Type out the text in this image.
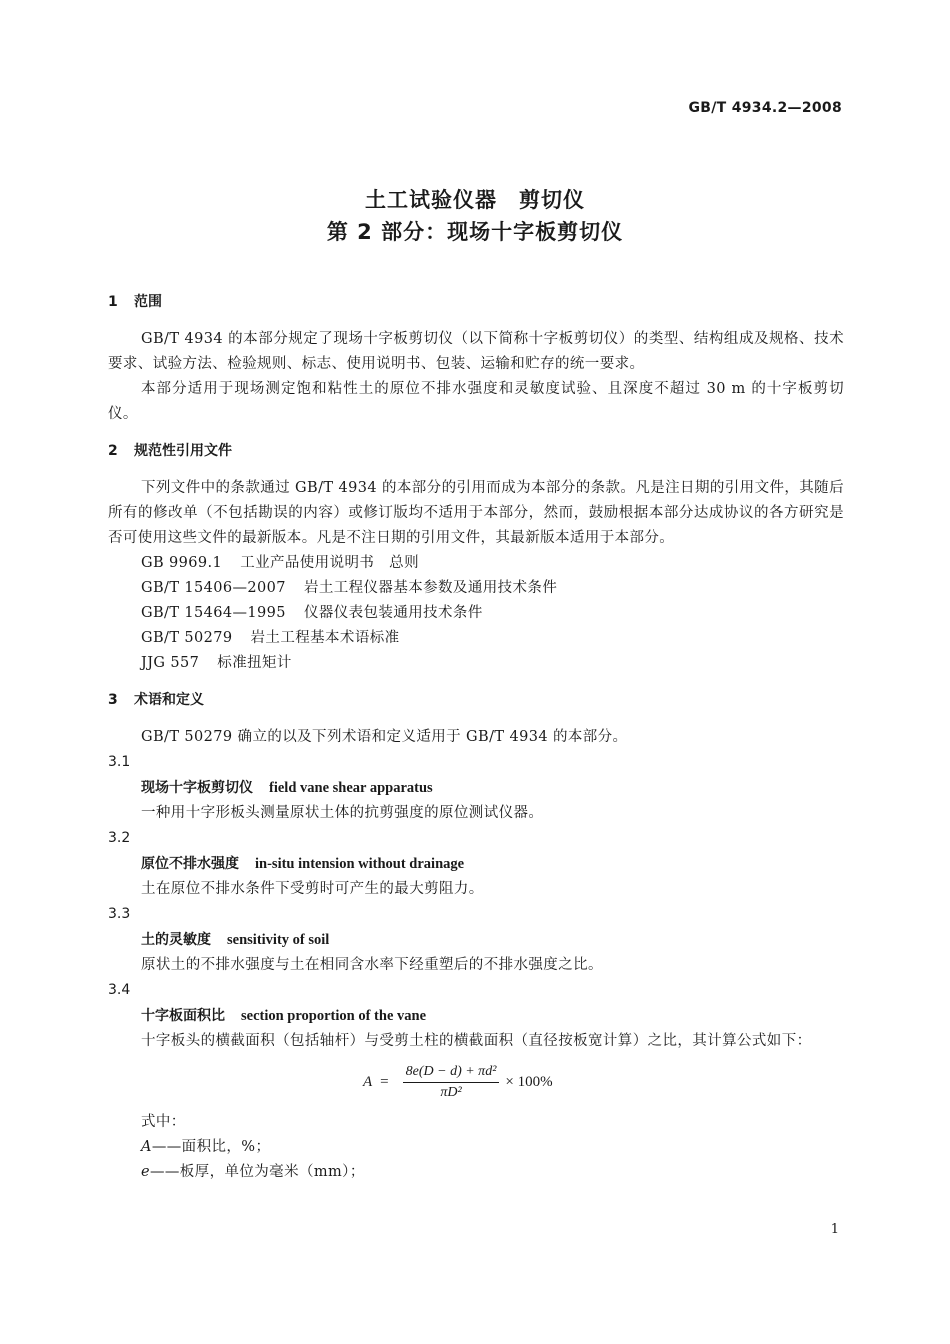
GB/T 4934.2—2008
土工试验仪器　剪切仪
第 2 部分：现场十字板剪切仪
1 范围

GB/T 4934 的本部分规定了现场十字板剪切仪（以下简称十字板剪切仪）的类型、结构组成及规格、技术要求、试验方法、检验规则、标志、使用说明书、包装、运输和贮存的统一要求。

本部分适用于现场测定饱和粘性土的原位不排水强度和灵敏度试验、且深度不超过 30 m 的十字板剪切仪。

2 规范性引用文件

下列文件中的条款通过 GB/T 4934 的本部分的引用而成为本部分的条款。凡是注日期的引用文件，其随后所有的修改单（不包括勘误的内容）或修订版均不适用于本部分，然而，鼓励根据本部分达成协议的各方研究是否可使用这些文件的最新版本。凡是不注日期的引用文件，其最新版本适用于本部分。

GB 9969.1 工业产品使用说明书　总则

GB/T 15406—2007 岩土工程仪器基本参数及通用技术条件

GB/T 15464—1995 仪器仪表包装通用技术条件

GB/T 50279 岩土工程基本术语标准

JJG 557 标准扭矩计

3 术语和定义

GB/T 50279 确立的以及下列术语和定义适用于 GB/T 4934 的本部分。

3.1

现场十字板剪切仪 field vane shear apparatus

一种用十字形板头测量原状土体的抗剪强度的原位测试仪器。

3.2

原位不排水强度 in-situ intension without drainage

土在原位不排水条件下受剪时可产生的最大剪阻力。

3.3

土的灵敏度 sensitivity of soil

原状土的不排水强度与土在相同含水率下经重塑后的不排水强度之比。

3.4

十字板面积比 section proportion of the vane

十字板头的横截面积（包括轴杆）与受剪土柱的横截面积（直径按板宽计算）之比，其计算公式如下：

$A = \frac{\text{8e(D − d) + πd²}}{\text{πD²}} \times 100\%$

式中：

A——面积比，%；

e——板厚，单位为毫米（mm）；

1
